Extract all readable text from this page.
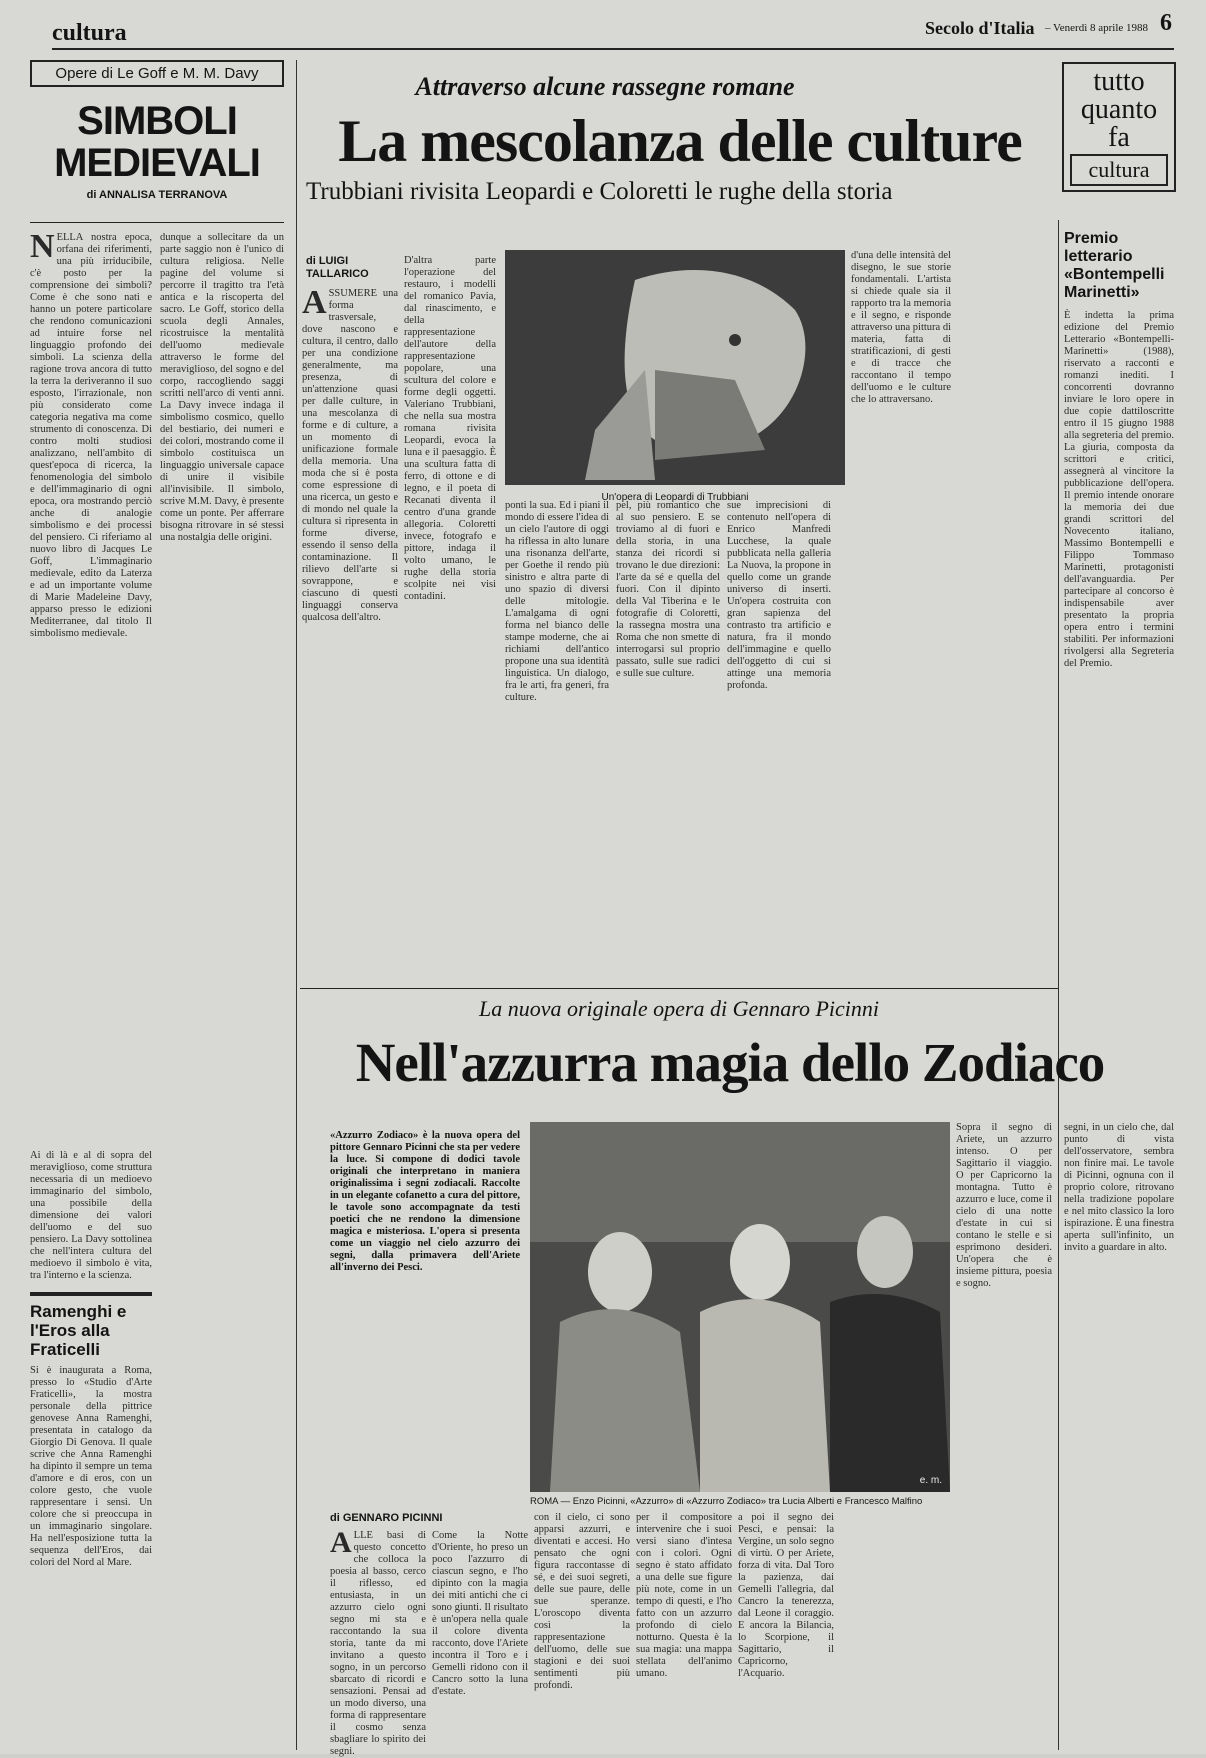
cultura	Secolo d'Italia – Venerdì 8 aprile 1988 6
Opere di Le Goff e M. M. Davy
SIMBOLI
MEDIEVALI
di ANNALISA TERRANOVA
NELLA nostra epoca, orfana dei riferimenti, una più irriducibile, c'è posto per la comprensione dei simboli? Come è che sono nati e hanno un potere particolare che rendono comunicazioni ad intuire forse nel linguaggio profondo dei simboli. La scienza della ragione trova ancora di tutto la terra la deriveranno il suo esposto, l'irrazionale, non più considerato come categoria negativa ma come strumento di conoscenza. Di contro molti studiosi analizzano, nell'ambito di quest'epoca di ricerca, la fenomenologia del simbolo e dell'immaginario di ogni epoca, ora mostrando perciò anche di analogie simbolismo e dei processi del pensiero. Ci riferiamo al nuovo libro di Jacques Le Goff, L'immaginario medievale, edito da Laterza e ad un importante volume di Marie Madeleine Davy, apparso presso le edizioni Mediterranee, dal titolo Il simbolismo medievale.
dunque a sollecitare da un parte saggio non è l'unico di cultura religiosa. Nelle pagine del volume si percorre il tragitto tra l'età antica e la riscoperta del sacro. Le Goff, storico della scuola degli Annales, ricostruisce la mentalità dell'uomo medievale attraverso le forme del meraviglioso, del sogno e del corpo, raccogliendo saggi scritti nell'arco di venti anni. La Davy invece indaga il simbolismo cosmico, quello del bestiario, dei numeri e dei colori, mostrando come il simbolo costituisca un linguaggio universale capace di unire il visibile all'invisibile. Il simbolo, scrive M.M. Davy, è presente come un ponte. Per afferrare bisogna ritrovare in sé stessi una nostalgia delle origini.
Ai di là e al di sopra del meraviglioso, come struttura necessaria di un medioevo immaginario del simbolo, una possibile della dimensione dei valori dell'uomo e del suo pensiero. La Davy sottolinea che nell'intera cultura del medioevo il simbolo è vita, tra l'interno e la scienza.
Ramenghi e l'Eros alla Fraticelli
Si è inaugurata a Roma, presso lo «Studio d'Arte Fraticelli», la mostra personale della pittrice genovese Anna Ramenghi, presentata in catalogo da Giorgio Di Genova. Il quale scrive che Anna Ramenghi ha dipinto il sempre un tema d'amore e di eros, con un colore gesto, che vuole rappresentare i sensi. Un colore che si preoccupa in un immaginario singolare. Ha nell'esposizione tutta la sequenza dell'Eros, dai colori del Nord al Mare.
Attraverso alcune rassegne romane
La mescolanza delle culture
Trubbiani rivisita Leopardi e Coloretti le rughe della storia
tutto
quanto
fa
cultura
di LUIGI
TALLARICO
ASSUMERE una forma trasversale, dove nascono e cultura, il centro, dallo per una condizione generalmente, ma presenza, di un'attenzione quasi per dalle culture, in una mescolanza di forme e di culture, a un momento di unificazione formale della memoria. Una moda che si è posta come espressione di una ricerca, un gesto e di mondo nel quale la cultura si ripresenta in forme diverse, essendo il senso della contaminazione. Il rilievo dell'arte si sovrappone, e ciascuno di questi linguaggi conserva qualcosa dell'altro.
D'altra parte l'operazione del restauro, i modelli del romanico Pavia, dal rinascimento, e della rappresentazione dell'autore della rappresentazione popolare, una scultura del colore e forme degli oggetti. Valeriano Trubbiani, che nella sua mostra romana rivisita Leopardi, evoca la luna e il paesaggio. È una scultura fatta di ferro, di ottone e di legno, e il poeta di Recanati diventa il centro d'una grande allegoria. Coloretti invece, fotografo e pittore, indaga il volto umano, le rughe della storia scolpite nei visi contadini.
Un'opera di Leopardi di Trubbiani
ponti la sua. Ed i piani il mondo di essere l'idea di un cielo l'autore di oggi ha riflessa in alto lunare una risonanza dell'arte, per Goethe il rendo più sinistro e altra parte di uno spazio di diversi delle mitologie. L'amalgama di ogni forma nel bianco delle stampe moderne, che ai richiami dell'antico propone una sua identità linguistica. Un dialogo, fra le arti, fra generi, fra culture.
pel, più romantico che al suo pensiero. E se troviamo al di fuori e della storia, in una stanza dei ricordi si trovano le due direzioni: l'arte da sé e quella del fuori. Con il dipinto della Val Tiberina e le fotografie di Coloretti, la rassegna mostra una Roma che non smette di interrogarsi sul proprio passato, sulle sue radici e sulle sue culture.
sue imprecisioni di contenuto nell'opera di Enrico Manfredi Lucchese, la quale pubblicata nella galleria La Nuova, la propone in quello come un grande universo di inserti. Un'opera costruita con gran sapienza del contrasto tra artificio e natura, fra il mondo dell'immagine e quello dell'oggetto di cui si attinge una memoria profonda.
d'una delle intensità del disegno, le sue storie fondamentali. L'artista si chiede quale sia il rapporto tra la memoria e il segno, e risponde attraverso una pittura di materia, fatta di stratificazioni, di gesti e di tracce che raccontano il tempo dell'uomo e le culture che lo attraversano.
Premio
letterario
«Bontempelli
Marinetti»
È indetta la prima edizione del Premio Letterario «Bontempelli-Marinetti» (1988), riservato a racconti e romanzi inediti. I concorrenti dovranno inviare le loro opere in due copie dattiloscritte entro il 15 giugno 1988 alla segreteria del premio. La giuria, composta da scrittori e critici, assegnerà al vincitore la pubblicazione dell'opera. Il premio intende onorare la memoria dei due grandi scrittori del Novecento italiano, Massimo Bontempelli e Filippo Tommaso Marinetti, protagonisti dell'avanguardia. Per partecipare al concorso è indispensabile aver presentato la propria opera entro i termini stabiliti. Per informazioni rivolgersi alla Segreteria del Premio.
La nuova originale opera di Gennaro Picinni
Nell'azzurra magia dello Zodiaco
«Azzurro Zodiaco» è la nuova opera del pittore Gennaro Picinni che sta per vedere la luce. Si compone di dodici tavole originali che interpretano in maniera originalissima i segni zodiacali. Raccolte in un elegante cofanetto a cura del pittore, le tavole sono accompagnate da testi poetici che ne rendono la dimensione magica e misteriosa. L'opera si presenta come un viaggio nel cielo azzurro dei segni, dalla primavera dell'Ariete all'inverno dei Pesci.
e. m.
ROMA — Enzo Picinni, «Azzurro» di «Azzurro Zodiaco» tra Lucia Alberti e Francesco Malfino
di GENNARO PICINNI
ALLE basi di questo concetto che colloca la poesia al basso, cerco il riflesso, ed entusiasta, in un azzurro cielo ogni segno mi sta e raccontando la sua storia, tante da mi invitano a questo sogno, in un percorso sbarcato di ricordi e sensazioni. Pensai ad un modo diverso, una forma di rappresentare il cosmo senza sbagliare lo spirito dei segni.
Come la Notte d'Oriente, ho preso un poco l'azzurro di ciascun segno, e l'ho dipinto con la magia dei miti antichi che ci sono giunti. Il risultato è un'opera nella quale il colore diventa racconto, dove l'Ariete incontra il Toro e i Gemelli ridono con il Cancro sotto la luna d'estate.
con il cielo, ci sono apparsi azzurri, e diventati e accesi. Ho pensato che ogni figura raccontasse di sé, e dei suoi segreti, delle sue paure, delle sue speranze. L'oroscopo diventa così la rappresentazione dell'uomo, delle sue stagioni e dei suoi sentimenti più profondi.
per il compositore intervenire che i suoi versi siano d'intesa con i colori. Ogni segno è stato affidato a una delle sue figure più note, come in un tempo di questi, e l'ho fatto con un azzurro profondo di cielo notturno. Questa è la sua magia: una mappa stellata dell'animo umano.
a poi il segno dei Pesci, e pensai: la Vergine, un solo segno di virtù. O per Ariete, forza di vita. Dal Toro la pazienza, dai Gemelli l'allegria, dal Cancro la tenerezza, dal Leone il coraggio. E ancora la Bilancia, lo Scorpione, il Sagittario, il Capricorno, l'Acquario.
Sopra il segno di Ariete, un azzurro intenso. O per Sagittario il viaggio. O per Capricorno la montagna. Tutto è azzurro e luce, come il cielo di una notte d'estate in cui si contano le stelle e si esprimono desideri. Un'opera che è insieme pittura, poesia e sogno.
segni, in un cielo che, dal punto di vista dell'osservatore, sembra non finire mai. Le tavole di Picinni, ognuna con il proprio colore, ritrovano nella tradizione popolare e nel mito classico la loro ispirazione. È una finestra aperta sull'infinito, un invito a guardare in alto.
